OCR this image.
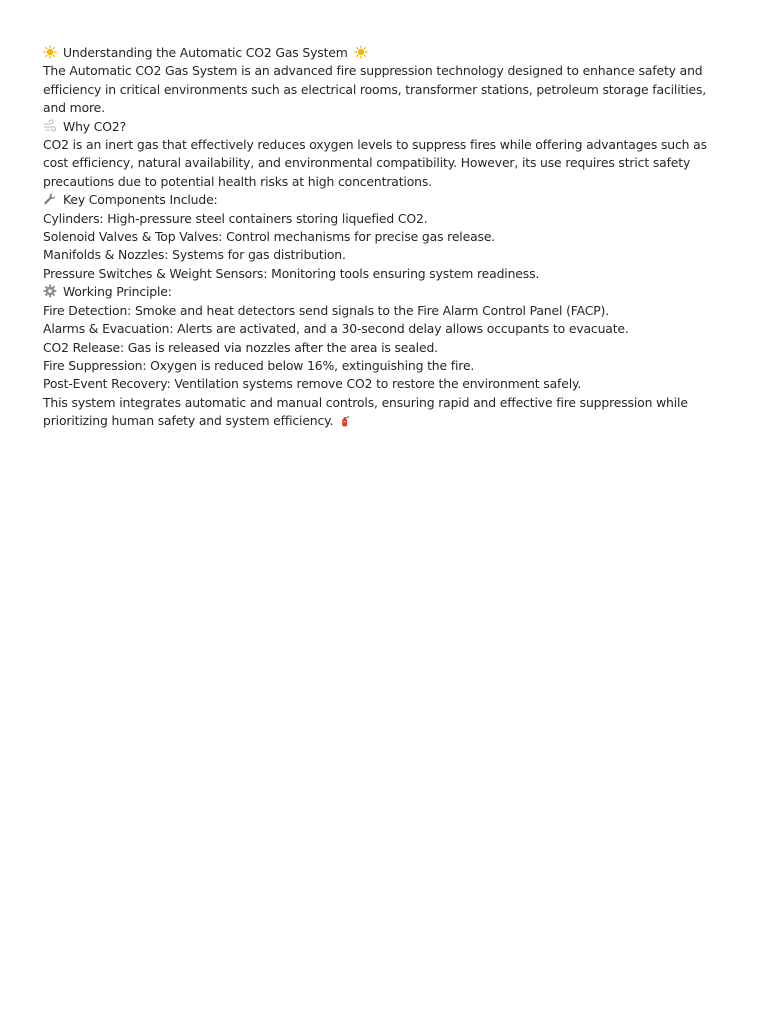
Understanding the Automatic CO2 Gas System
The Automatic CO2 Gas System is an advanced fire suppression technology designed to enhance safety and efficiency in critical environments such as electrical rooms, transformer stations, petroleum storage facilities, and more.
Why CO2?
CO2 is an inert gas that effectively reduces oxygen levels to suppress fires while offering advantages such as cost efficiency, natural availability, and environmental compatibility. However, its use requires strict safety precautions due to potential health risks at high concentrations.
Key Components Include:
Cylinders: High-pressure steel containers storing liquefied CO2.
Solenoid Valves & Top Valves: Control mechanisms for precise gas release.
Manifolds & Nozzles: Systems for gas distribution.
Pressure Switches & Weight Sensors: Monitoring tools ensuring system readiness.
Working Principle:
Fire Detection: Smoke and heat detectors send signals to the Fire Alarm Control Panel (FACP).
Alarms & Evacuation: Alerts are activated, and a 30-second delay allows occupants to evacuate.
CO2 Release: Gas is released via nozzles after the area is sealed.
Fire Suppression: Oxygen is reduced below 16%, extinguishing the fire.
Post-Event Recovery: Ventilation systems remove CO2 to restore the environment safely.
This system integrates automatic and manual controls, ensuring rapid and effective fire suppression while prioritizing human safety and system efficiency.
